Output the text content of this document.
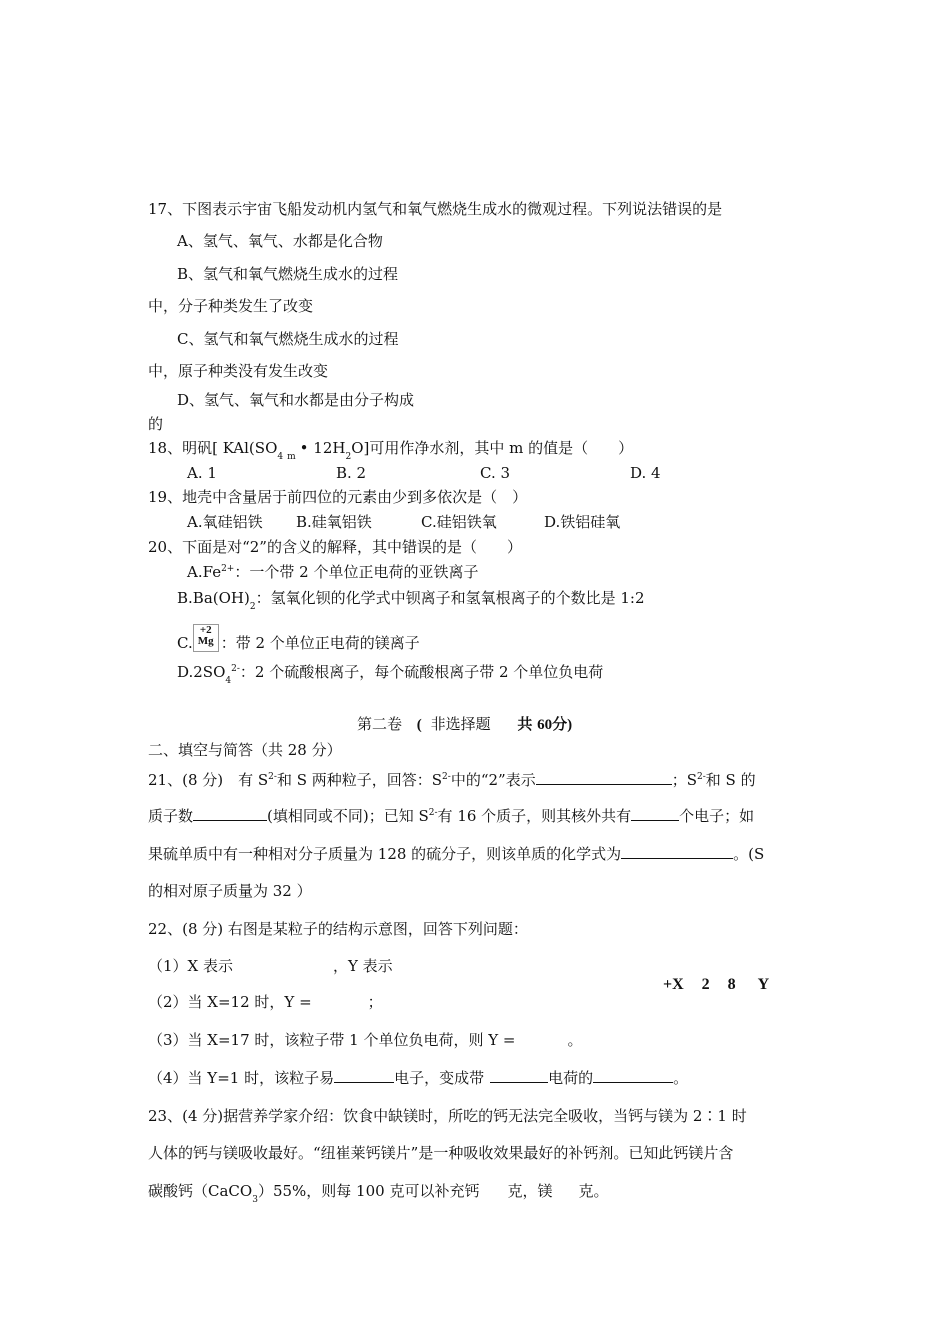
17、下图表示宇宙飞船发动机内氢气和氧气燃烧生成水的微观过程。下列说法错误的是
A、氢气、氧气、水都是化合物
B、氢气和氧气燃烧生成水的过程
中，分子种类发生了改变
C、氢气和氧气燃烧生成水的过程
中，原子种类没有发生改变
D、氢气、氧气和水都是由分子构成
的
18、明矾[ $KAl(SO_4$ $_m$ • $12H_2O$]可用作净水剂，其中 m 的值是（　　）
A. 1	B. 2	C. 3	D. 4
19、地壳中含量居于前四位的元素由少到多依次是（　）
A.氧硅铝铁 B.硅氧铝铁	C.硅铝铁氧	D.铁铝硅氧
20、下面是对“2”的含义的解释，其中错误的是（　　）
$A.Fe^{2+}$：一个带 2 个单位正电荷的亚铁离子
$B.Ba(OH)_2$：氢氧化钡的化学式中钡离子和氢氧根离子的个数比是 1:2
C.
+2
Mg ：带 2 个单位正电荷的镁离子
$D.2SO_4^{2-}$：2 个硫酸根离子，每个硫酸根离子带 2 个单位负电荷
第二卷 ( 非选择题 共 60分)
二、填空与简答（共 28 分）
21、(8 分)　有 $S^{2-}$和 S 两种粒子，回答：$S^{2-}$中的“2”表示	；$S^{2-}$和 S 的
质子数	(填相同或不同)；已知 $S^{2-}$有 16 个质子，则其核外共有	个电子；如
果硫单质中有一种相对分子质量为 128 的硫分子，则该单质的化学式为	。(S
的相对原子质量为 32 ）
22、(8 分) 右图是某粒子的结构示意图，回答下列问题：
（1）X 表示	，Y 表示
（2）当 X=12 时，Y =	；
（3）当 X=17 时，该粒子带 1 个单位负电荷，则 Y =	。
（4）当 Y=1 时，该粒子易	电子，变成带	电荷的	。
+X 2 8 Y
23、(4 分)据营养学家介绍：饮食中缺镁时，所吃的钙无法完全吸收，当钙与镁为 2∶1 时
人体的钙与镁吸收最好。“纽崔莱钙镁片”是一种吸收效果最好的补钙剂。已知此钙镁片含
碳酸钙（CaCO$_3$）55%，则每 100 克可以补充钙 克，镁 克。
